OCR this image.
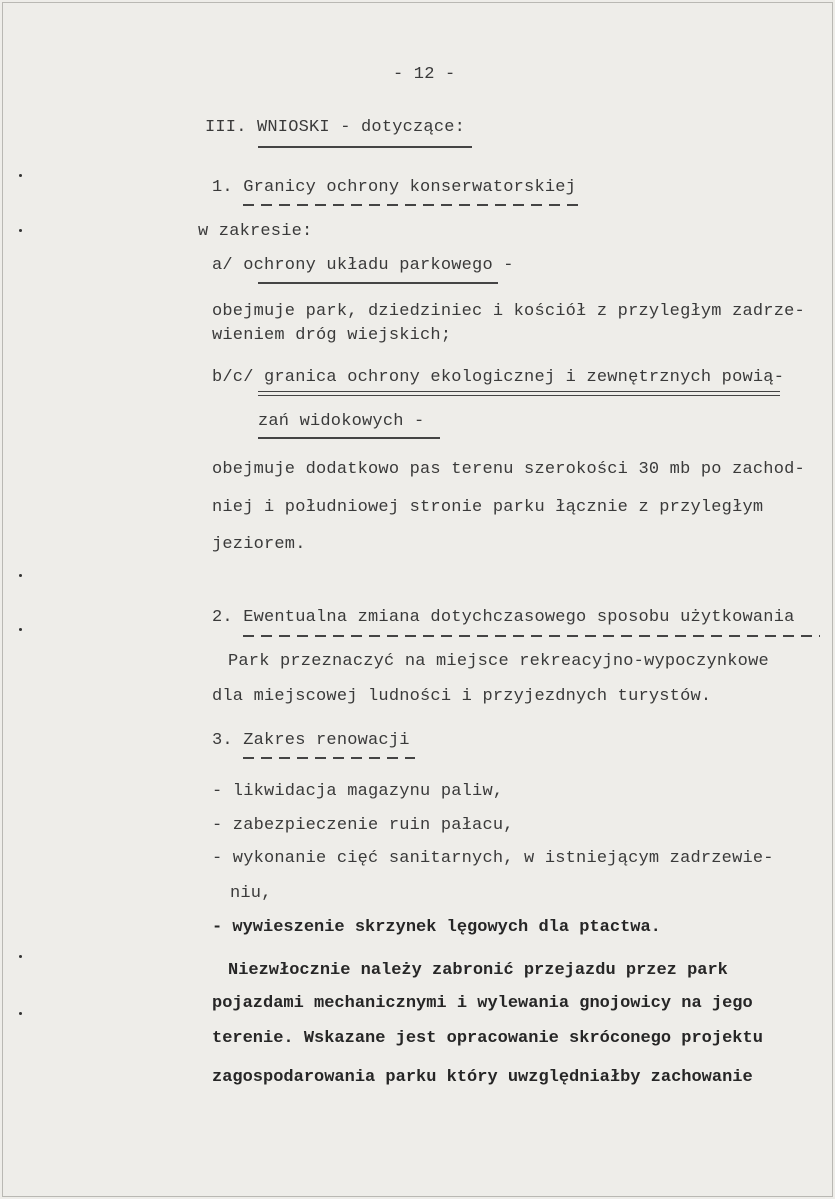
- 12 -
III. WNIOSKI - dotyczące:
1. Granicy ochrony konserwatorskiej
w zakresie:
a/ ochrony układu parkowego -
obejmuje park, dziedziniec i kościół z przyległym zadrze-
wieniem dróg wiejskich;
b/c/ granica ochrony ekologicznej i zewnętrznych powią-
zań widokowych -
obejmuje dodatkowo pas terenu szerokości 30 mb po zachod-
niej i południowej stronie parku łącznie z przyległym
jeziorem.
2. Ewentualna zmiana dotychczasowego sposobu użytkowania
Park przeznaczyć na miejsce rekreacyjno-wypoczynkowe
dla miejscowej ludności i przyjezdnych turystów.
3. Zakres renowacji
- likwidacja magazynu paliw,
- zabezpieczenie ruin pałacu,
- wykonanie cięć sanitarnych, w istniejącym zadrzewie-
niu,
- wywieszenie skrzynek lęgowych dla ptactwa.
Niezwłocznie należy zabronić przejazdu przez park
pojazdami mechanicznymi i wylewania gnojowicy na jego
terenie. Wskazane jest opracowanie skróconego projektu
zagospodarowania parku który uwzględniałby zachowanie
